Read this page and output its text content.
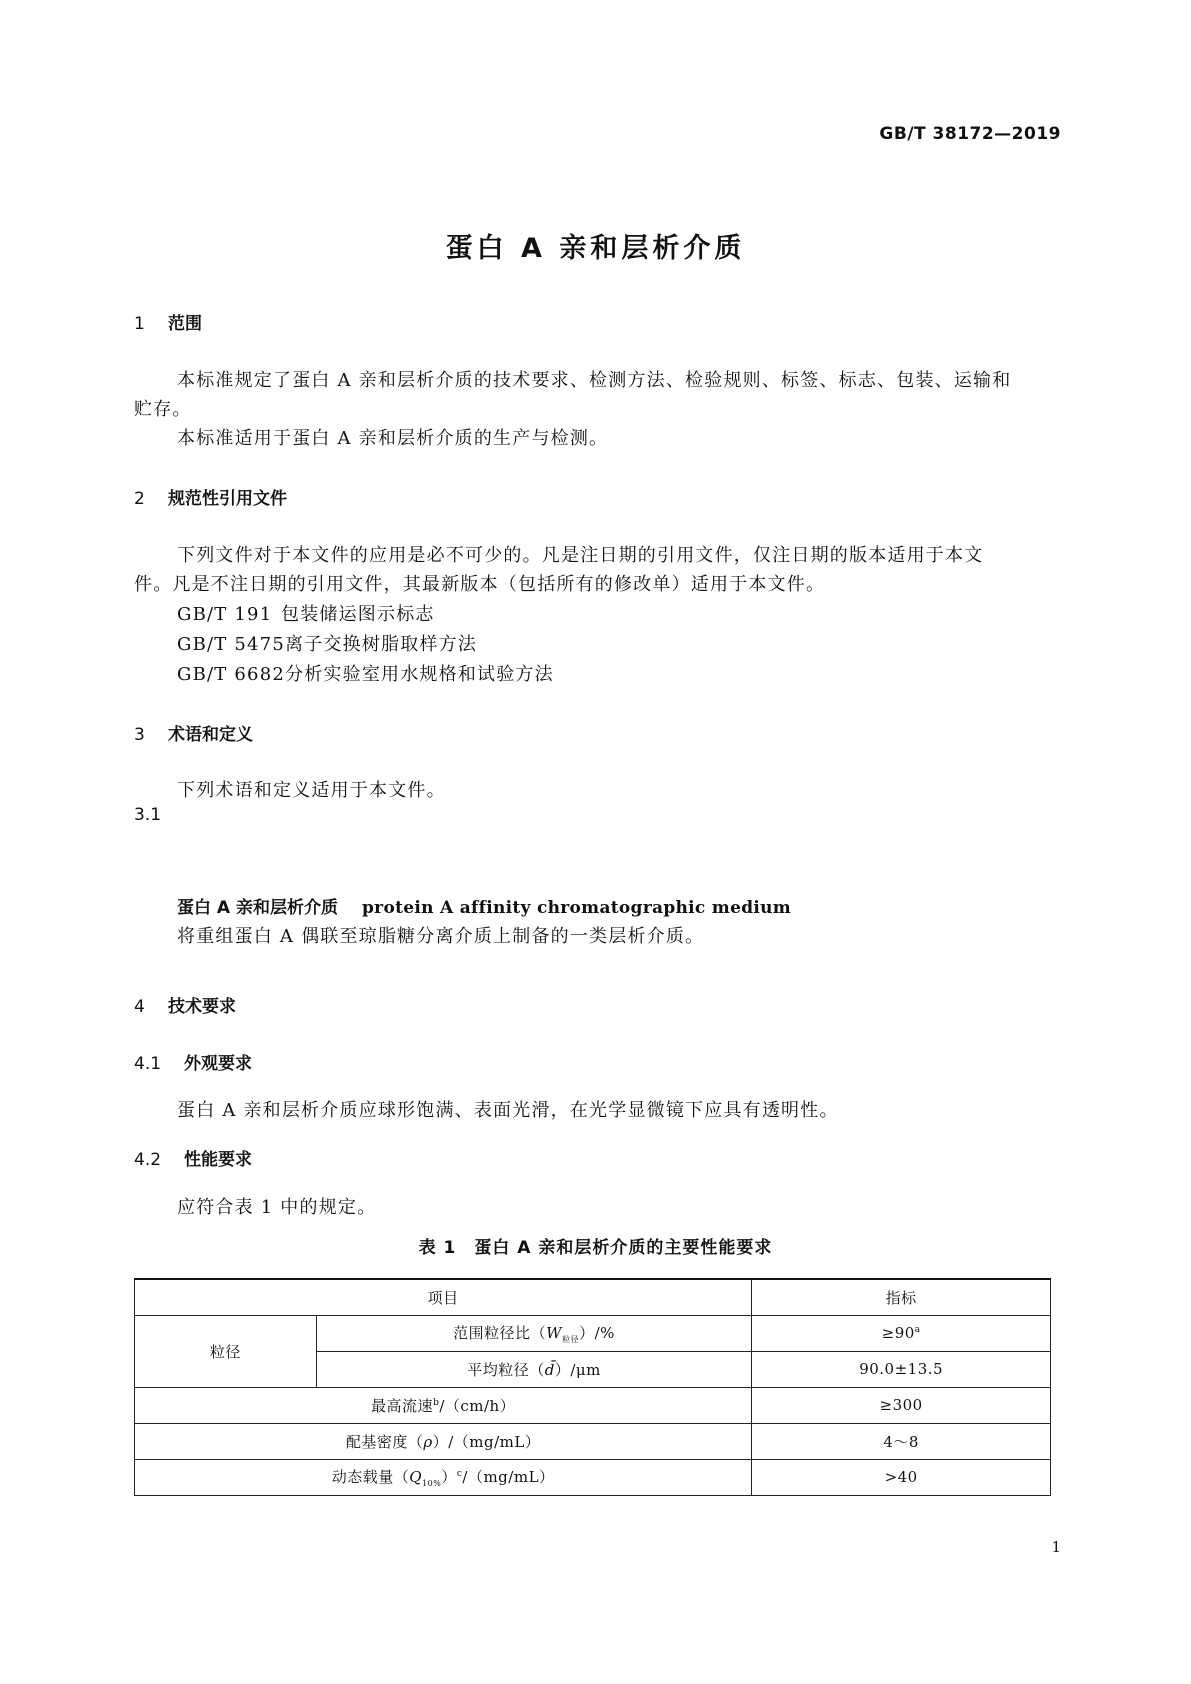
GB/T 38172—2019
蛋白 A 亲和层析介质
1 范围
本标准规定了蛋白 A 亲和层析介质的技术要求、检测方法、检验规则、标签、标志、包装、运输和
贮存。
本标准适用于蛋白 A 亲和层析介质的生产与检测。
2 规范性引用文件
下列文件对于本文件的应用是必不可少的。凡是注日期的引用文件，仅注日期的版本适用于本文
件。凡是不注日期的引用文件，其最新版本（包括所有的修改单）适用于本文件。
GB/T 191 包装储运图示标志
GB/T 5475离子交换树脂取样方法
GB/T 6682分析实验室用水规格和试验方法
3 术语和定义
下列术语和定义适用于本文件。
3.1
蛋白 A 亲和层析介质 protein A affinity chromatographic medium
将重组蛋白 A 偶联至琼脂糖分离介质上制备的一类层析介质。
4 技术要求
4.1 外观要求
蛋白 A 亲和层析介质应球形饱满、表面光滑，在光学显微镜下应具有透明性。
4.2 性能要求
应符合表 1 中的规定。
表 1　蛋白 A 亲和层析介质的主要性能要求
项目		指标
粒径	范围粒径比$(W_{粒径})/\%$	$\ge 90^a$
	平均粒径（d̄）/μm	90.0±13.5
最高流速$^b$/（cm/h）		≥300
配基密度（ρ）/（mg/mL）		4～8
动态载量$(Q_{10\%})^c/(mg/mL)$		>40
1
